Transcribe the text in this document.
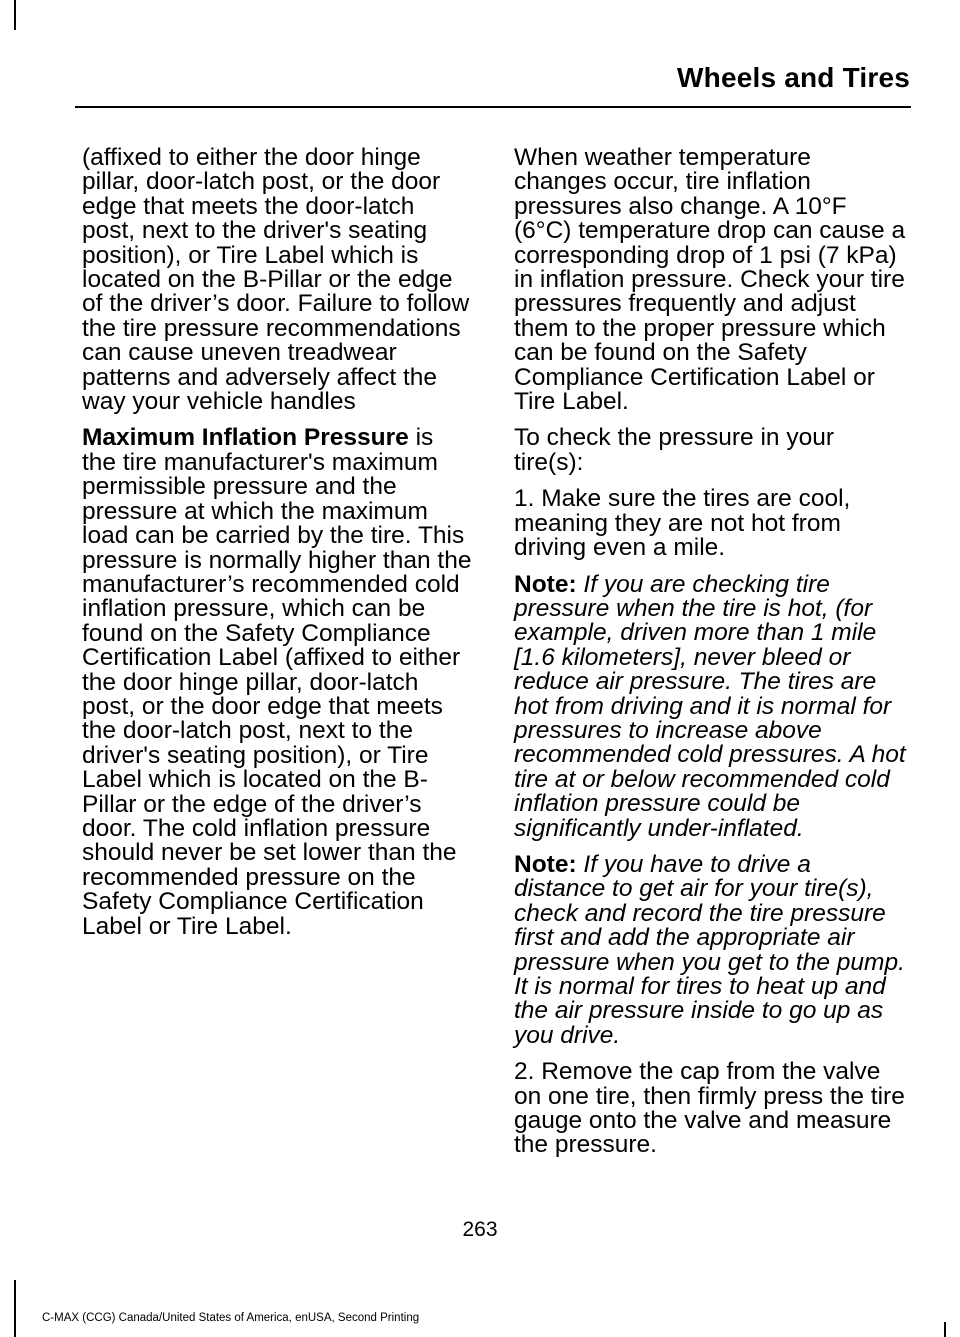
Wheels and Tires

(affixed to either the door hinge pillar, door-latch post, or the door edge that meets the door-latch post, next to the driver's seating position), or Tire Label which is located on the B-Pillar or the edge of the driver’s door. Failure to follow the tire pressure recommendations can cause uneven treadwear patterns and adversely affect the way your vehicle handles

Maximum Inflation Pressure is the tire manufacturer's maximum permissible pressure and the pressure at which the maximum load can be carried by the tire. This pressure is normally higher than the manufacturer’s recommended cold inflation pressure, which can be found on the Safety Compliance Certification Label (affixed to either the door hinge pillar, door-latch post, or the door edge that meets the door-latch post, next to the driver's seating position), or Tire Label which is located on the B-Pillar or the edge of the driver’s door. The cold inflation pressure should never be set lower than the recommended pressure on the Safety Compliance Certification Label or Tire Label.

When weather temperature changes occur, tire inflation pressures also change. A 10°F (6°C) temperature drop can cause a corresponding drop of 1 psi (7 kPa) in inflation pressure. Check your tire pressures frequently and adjust them to the proper pressure which can be found on the Safety Compliance Certification Label or Tire Label.

To check the pressure in your tire(s):

1. Make sure the tires are cool, meaning they are not hot from driving even a mile.

Note: If you are checking tire pressure when the tire is hot, (for example, driven more than 1 mile [1.6 kilometers], never bleed or reduce air pressure. The tires are hot from driving and it is normal for pressures to increase above recommended cold pressures. A hot tire at or below recommended cold inflation pressure could be significantly under-inflated.

Note: If you have to drive a distance to get air for your tire(s), check and record the tire pressure first and add the appropriate air pressure when you get to the pump. It is normal for tires to heat up and the air pressure inside to go up as you drive.

2. Remove the cap from the valve on one tire, then firmly press the tire gauge onto the valve and measure the pressure.

263
C-MAX (CCG) Canada/United States of America, enUSA, Second Printing
